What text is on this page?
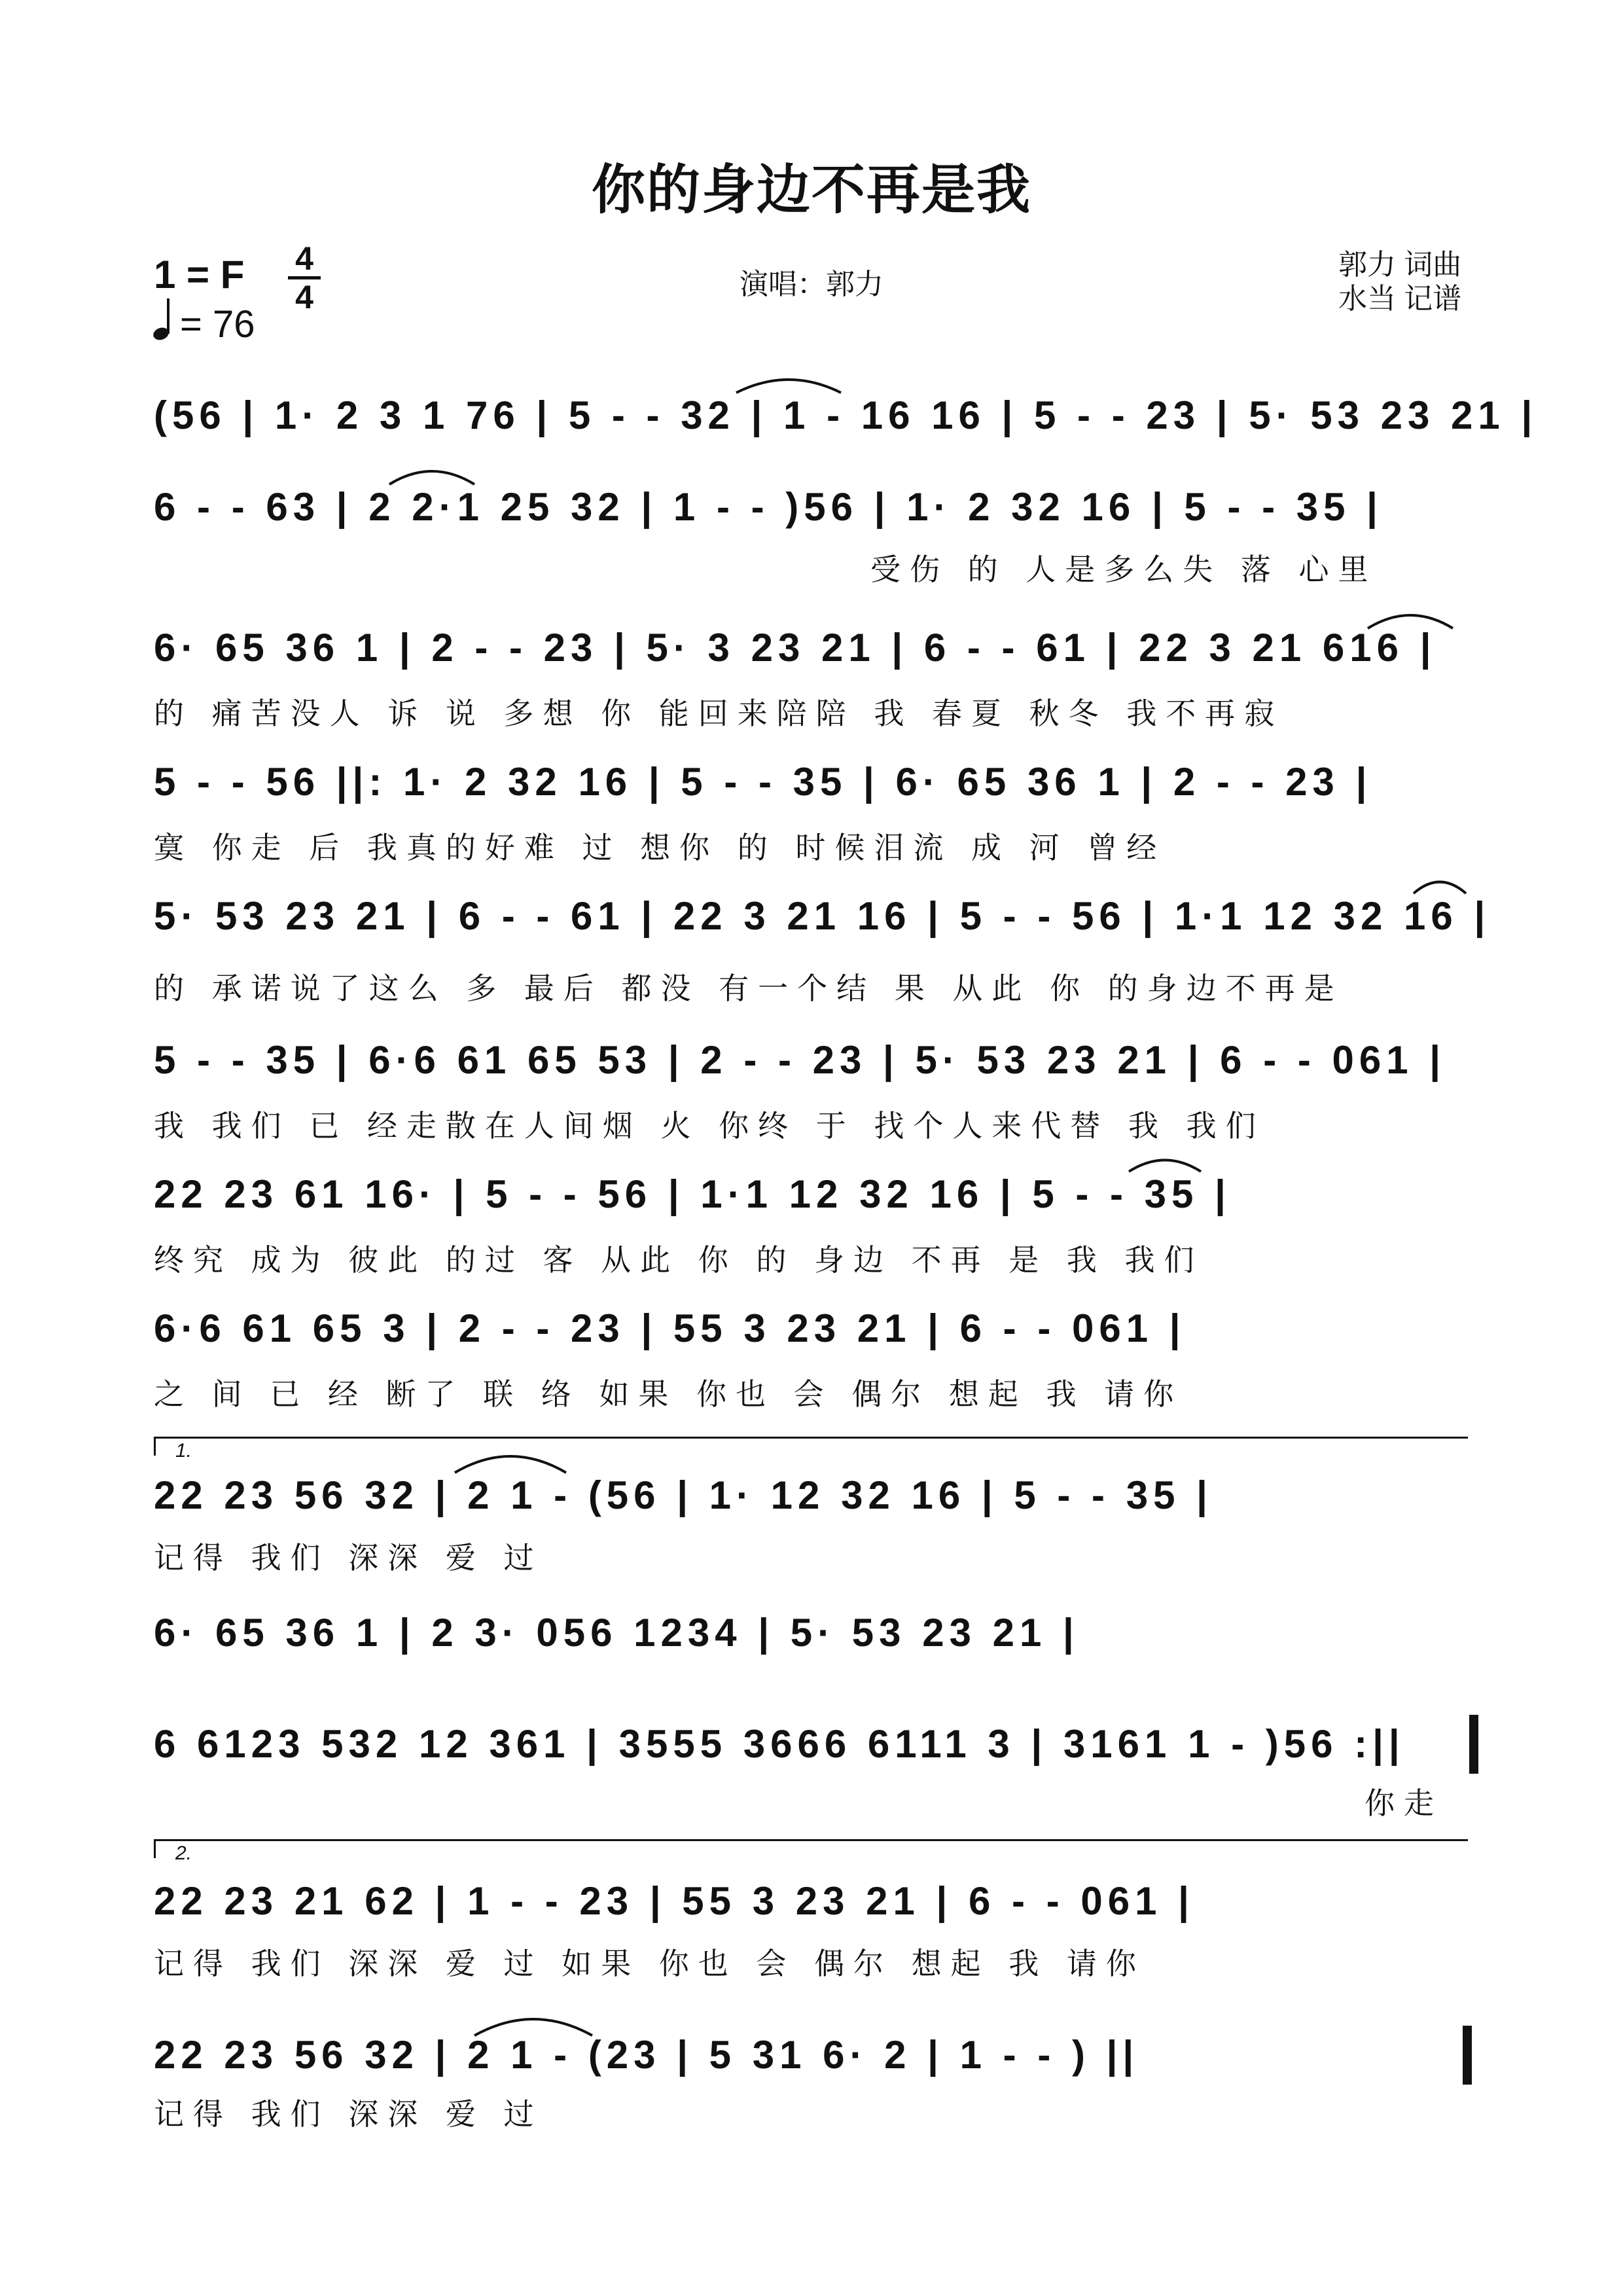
你的身边不再是我
1 = F 4
4
= 76
演唱：郭力
郭力 词曲
水当 记谱
(56 | 1· 2 3 1 76 | 5 - - 32 | 1 - 16 16 | 5 - - 23 | 5· 53 23 21 |
6 - - 63 | 2 2·1 25 32 | 1 - - )56 | 1· 2 32 16 | 5 - - 35 |
受伤 的 人是多么失 落 心里
6· 65 36 1 | 2 - - 23 | 5· 3 23 21 | 6 - - 61 | 22 3 21 616 |
的 痛苦没人 诉 说 多想 你 能回来陪陪 我 春夏 秋冬 我不再寂
5 - - 56 ||: 1· 2 32 16 | 5 - - 35 | 6· 65 36 1 | 2 - - 23 |
寞 你走 后 我真的好难 过 想你 的 时候泪流 成 河 曾经
5· 53 23 21 | 6 - - 61 | 22 3 21 16 | 5 - - 56 | 1·1 12 32 16 |
的 承诺说了这么 多 最后 都没 有一个结 果 从此 你 的身边不再是
5 - - 35 | 6·6 61 65 53 | 2 - - 23 | 5· 53 23 21 | 6 - - 061 |
我 我们 已 经走散在人间烟 火 你终 于 找个人来代替 我 我们
22 23 61 16· | 5 - - 56 | 1·1 12 32 16 | 5 - - 35 |
终究 成为 彼此 的过 客 从此 你 的 身边 不再 是 我 我们
6·6 61 65 3 | 2 - - 23 | 55 3 23 21 | 6 - - 061 |
之 间 已 经 断了 联 络 如果 你也 会 偶尔 想起 我 请你
1.
22 23 56 32 | 2 1 - (56 | 1· 12 32 16 | 5 - - 35 |
记得 我们 深深 爱 过
6· 65 36 1 | 2 3· 056 1234 | 5· 53 23 21 |
6 6123 532 12 361 | 3555 3666 6111 3 | 3161 1 - )56 :||
你走
2.
22 23 21 62 | 1 - - 23 | 55 3 23 21 | 6 - - 061 |
记得 我们 深深 爱 过 如果 你也 会 偶尔 想起 我 请你
22 23 56 32 | 2 1 - (23 | 5 31 6· 2 | 1 - - ) ||
记得 我们 深深 爱 过
